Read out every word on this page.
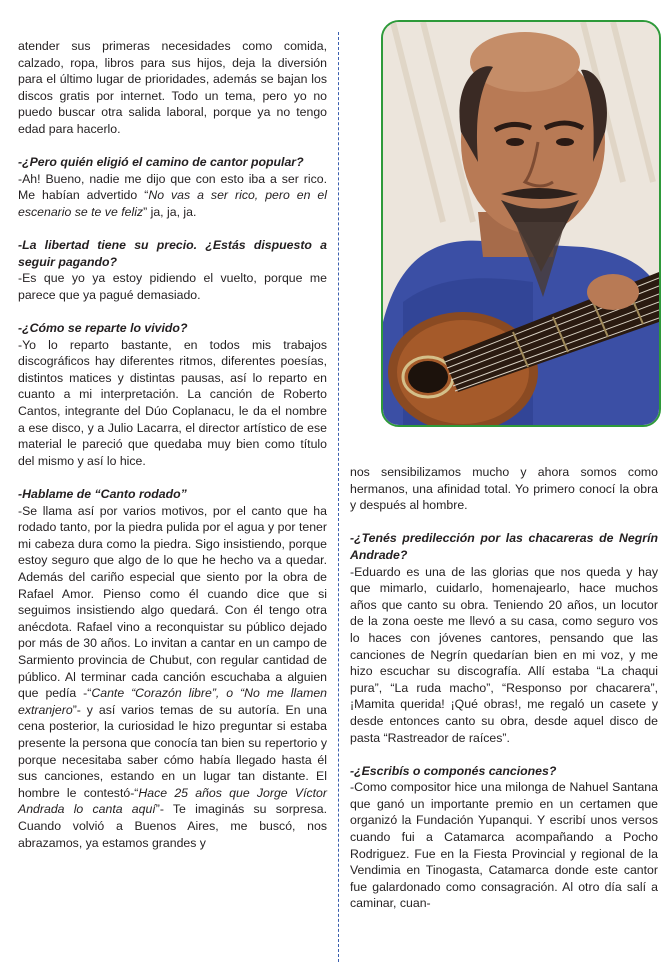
atender sus primeras necesidades como comida, calzado, ropa, libros para sus hijos, deja la diversión para el último lugar de prioridades, además se bajan los discos gratis por internet. Todo un tema, pero yo no puedo buscar otra salida laboral, porque ya no tengo edad para hacerlo.

-¿Pero quién eligió el camino de cantor popular?
-Ah! Bueno, nadie me dijo que con esto iba a ser rico. Me habían advertido “No vas a ser rico, pero en el escenario se te ve feliz” ja, ja, ja.

-La libertad tiene su precio. ¿Estás dispuesto a seguir pagando?
-Es que yo ya estoy pidiendo el vuelto, porque me parece que ya pagué demasiado.

-¿Cómo se reparte lo vivido?
-Yo lo reparto bastante, en todos mis trabajos discográficos hay diferentes ritmos, diferentes poesías, distintos matices y distintas pausas, así lo reparto en cuanto a mi interpretación. La canción de Roberto Cantos, integrante del Dúo Coplanacu, le da el nombre a ese disco, y a Julio Lacarra, el director artístico de ese material le pareció que quedaba muy bien como título del mismo y así lo hice.

-Hablame de “Canto rodado”
-Se llama así por varios motivos, por el canto que ha rodado tanto, por la piedra pulida por el agua y por tener mi cabeza dura como la piedra. Sigo insistiendo, porque estoy seguro que algo de lo que he hecho va a quedar. Además del cariño especial que siento por la obra de Rafael Amor. Pienso como él cuando dice que si seguimos insistiendo algo quedará. Con él tengo otra anécdota. Rafael vino a reconquistar su público dejado por más de 30 años. Lo invitan a cantar en un campo de Sarmiento provincia de Chubut, con regular cantidad de público. Al terminar cada canción escuchaba a alguien que pedía -“Cante “Corazón libre”, o “No me llamen extranjero”- y así varios temas de su autoría. En una cena posterior, la curiosidad le hizo preguntar si estaba presente la persona que conocía tan bien su repertorio y porque necesitaba saber cómo había llegado hasta él sus canciones, estando en un lugar tan distante. El hombre le contestó-“Hace 25 años que Jorge Víctor Andrada lo canta aquí”- Te imaginás su sorpresa. Cuando volvió a Buenos Aires, me buscó, nos abrazamos, ya estamos grandes y

nos sensibilizamos mucho y ahora somos como hermanos, una afinidad total. Yo primero conocí la obra y después al hombre.

-¿Tenés predilección por las chacareras de Negrín Andrade?
-Eduardo es una de las glorias que nos queda y hay que mimarlo, cuidarlo, homenajearlo, hace muchos años que canto su obra. Teniendo 20 años, un locutor de la zona oeste me llevó a su casa, como seguro vos lo haces con jóvenes cantores, pensando que las canciones de Negrín quedarían bien en mi voz, y me hizo escuchar su discografía. Allí estaba “La chaqui pura”, “La ruda macho”, “Responso por chacarera”, ¡Mamita querida! ¡Qué obras!, me regaló un casete y desde entonces canto su obra, desde aquel disco de pasta “Rastreador de raíces”.

-¿Escribís o componés canciones?
-Como compositor hice una milonga de Nahuel Santana que ganó un importante premio en un certamen que organizó la Fundación Yupanqui. Y escribí unos versos cuando fui a Catamarca acompañando a Pocho Rodriguez. Fue en la Fiesta Provincial y regional de la Vendimia en Tinogasta, Catamarca donde este cantor fue galardonado como consagración. Al otro día salí a caminar, cuan-
